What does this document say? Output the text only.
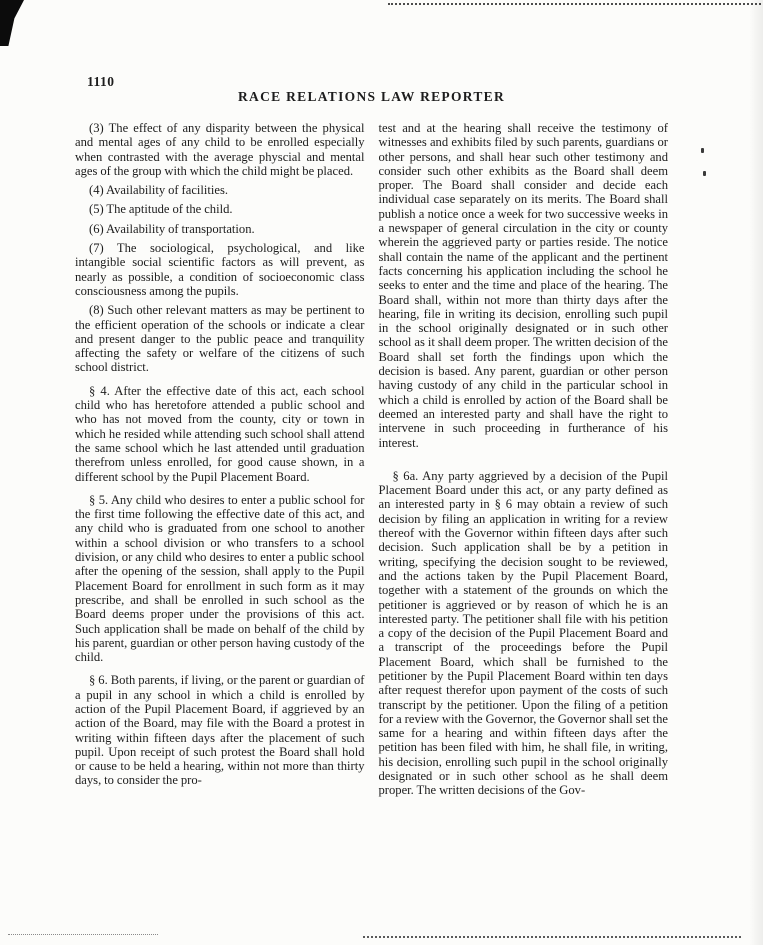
1110
RACE RELATIONS LAW REPORTER

(3) The effect of any disparity between the physical and mental ages of any child to be enrolled especially when contrasted with the average physcial and mental ages of the group with which the child might be placed.

(4) Availability of facilities.

(5) The aptitude of the child.

(6) Availability of transportation.

(7) The sociological, psychological, and like intangible social scientific factors as will prevent, as nearly as possible, a condition of socioeconomic class consciousness among the pupils.

(8) Such other relevant matters as may be pertinent to the efficient operation of the schools or indicate a clear and present danger to the public peace and tranquility affecting the safety or welfare of the citizens of such school district.

§ 4. After the effective date of this act, each school child who has heretofore attended a public school and who has not moved from the county, city or town in which he resided while attending such school shall attend the same school which he last attended until graduation therefrom unless enrolled, for good cause shown, in a different school by the Pupil Placement Board.

§ 5. Any child who desires to enter a public school for the first time following the effective date of this act, and any child who is graduated from one school to another within a school division or who transfers to a school division, or any child who desires to enter a public school after the opening of the session, shall apply to the Pupil Placement Board for enrollment in such form as it may prescribe, and shall be enrolled in such school as the Board deems proper under the provisions of this act. Such application shall be made on behalf of the child by his parent, guardian or other person having custody of the child.

§ 6. Both parents, if living, or the parent or guardian of a pupil in any school in which a child is enrolled by action of the Pupil Placement Board, if aggrieved by an action of the Board, may file with the Board a protest in writing within fifteen days after the placement of such pupil. Upon receipt of such protest the Board shall hold or cause to be held a hearing, within not more than thirty days, to consider the pro-

test and at the hearing shall receive the testimony of witnesses and exhibits filed by such parents, guardians or other persons, and shall hear such other testimony and consider such other exhibits as the Board shall deem proper. The Board shall consider and decide each individual case separately on its merits. The Board shall publish a notice once a week for two successive weeks in a newspaper of general circulation in the city or county wherein the aggrieved party or parties reside. The notice shall contain the name of the applicant and the pertinent facts concerning his application including the school he seeks to enter and the time and place of the hearing. The Board shall, within not more than thirty days after the hearing, file in writing its decision, enrolling such pupil in the school originally designated or in such other school as it shall deem proper. The written decision of the Board shall set forth the findings upon which the decision is based. Any parent, guardian or other person having custody of any child in the particular school in which a child is enrolled by action of the Board shall be deemed an interested party and shall have the right to intervene in such proceeding in furtherance of his interest.

§ 6a. Any party aggrieved by a decision of the Pupil Placement Board under this act, or any party defined as an interested party in § 6 may obtain a review of such decision by filing an application in writing for a review thereof with the Governor within fifteen days after such decision. Such application shall be by a petition in writing, specifying the decision sought to be reviewed, and the actions taken by the Pupil Placement Board, together with a statement of the grounds on which the petitioner is aggrieved or by reason of which he is an interested party. The petitioner shall file with his petition a copy of the decision of the Pupil Placement Board and a transcript of the proceedings before the Pupil Placement Board, which shall be furnished to the petitioner by the Pupil Placement Board within ten days after request therefor upon payment of the costs of such transcript by the petitioner. Upon the filing of a petition for a review with the Governor, the Governor shall set the same for a hearing and within fifteen days after the petition has been filed with him, he shall file, in writing, his decision, enrolling such pupil in the school originally designated or in such other school as he shall deem proper. The written decisions of the Gov-
